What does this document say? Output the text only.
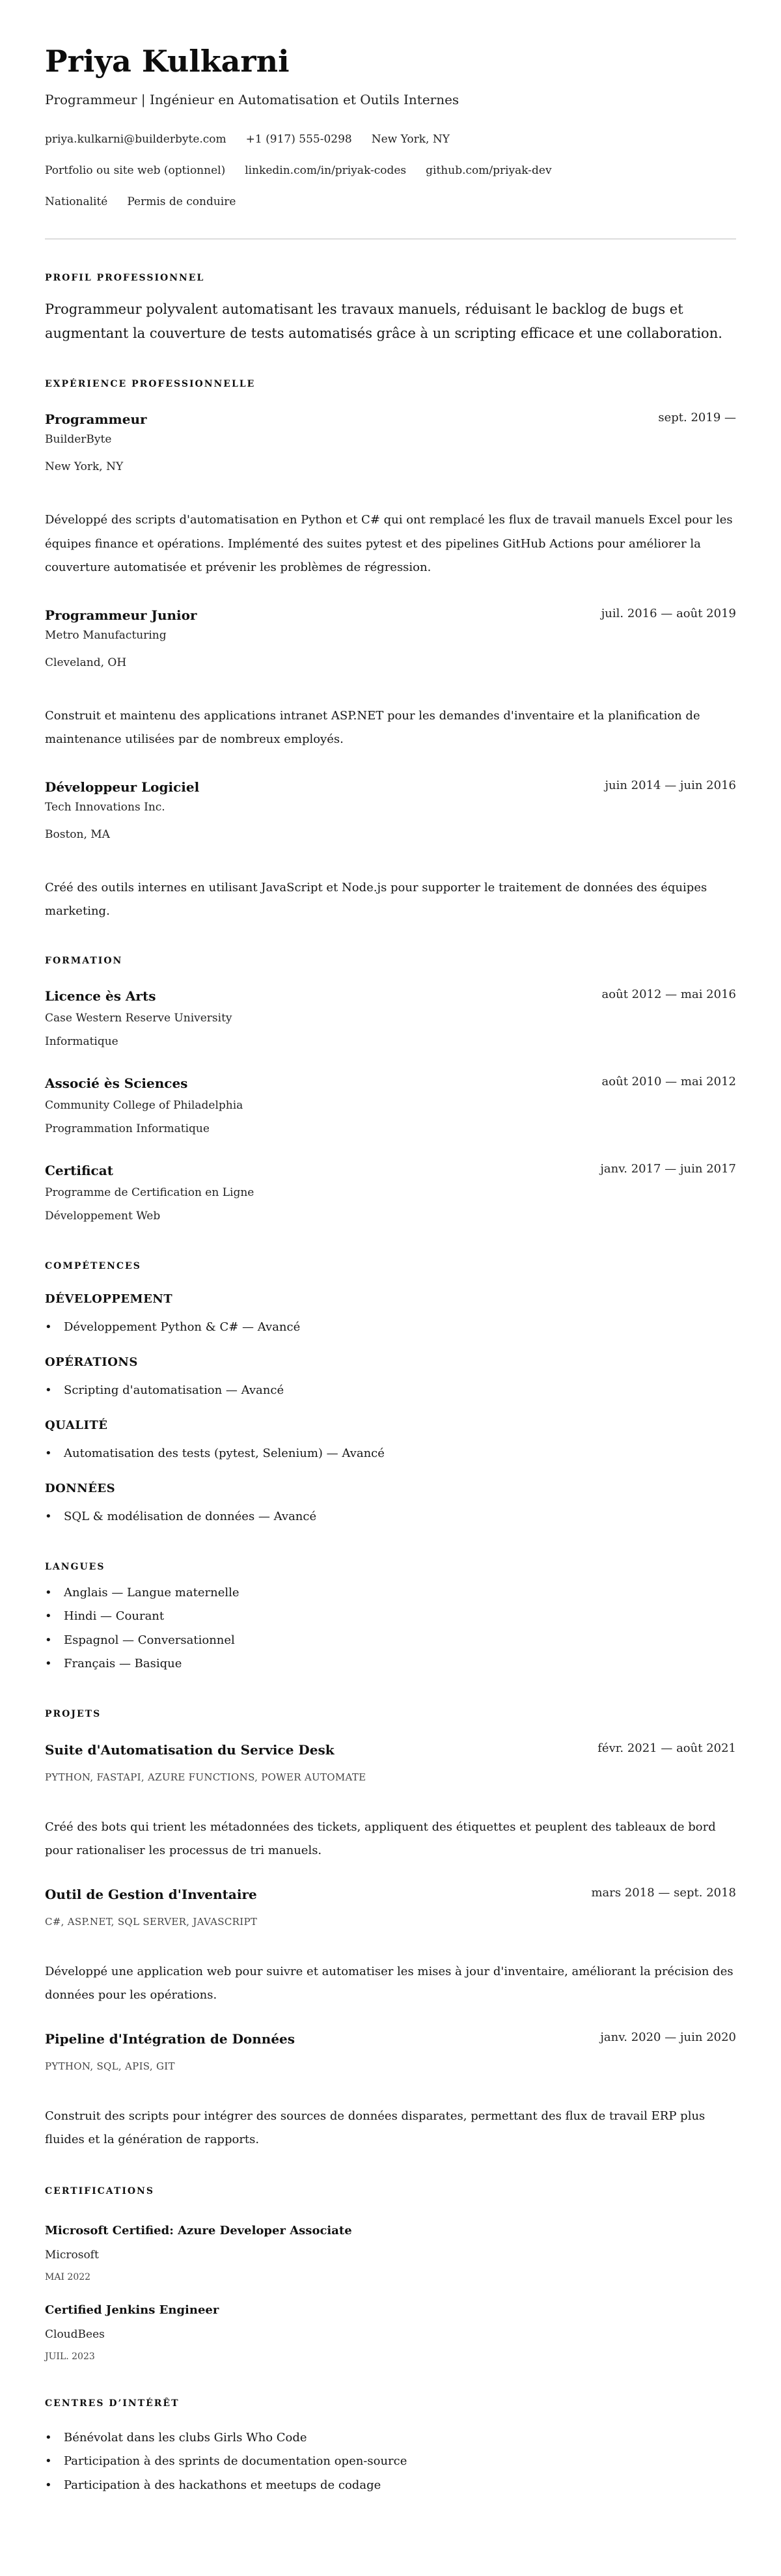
Priya Kulkarni
Programmeur | Ingénieur en Automatisation et Outils Internes
priya.kulkarni@builderbyte.com +1 (917) 555-0298 New York, NY
Portfolio ou site web (optionnel) linkedin.com/in/priyak-codes github.com/priyak-dev
Nationalité Permis de conduire
PROFIL PROFESSIONNEL
Programmeur polyvalent automatisant les travaux manuels, réduisant le backlog de bugs et augmentant la couverture de tests automatisés grâce à un scripting efficace et une collaboration.
EXPÉRIENCE PROFESSIONNELLE
Programmeur	sept. 2019 —
BuilderByte
New York, NY
Développé des scripts d'automatisation en Python et C# qui ont remplacé les flux de travail manuels Excel pour les équipes finance et opérations. Implémenté des suites pytest et des pipelines GitHub Actions pour améliorer la couverture automatisée et prévenir les problèmes de régression.
Programmeur Junior	juil. 2016 — août 2019
Metro Manufacturing
Cleveland, OH
Construit et maintenu des applications intranet ASP.NET pour les demandes d'inventaire et la planification de maintenance utilisées par de nombreux employés.
Développeur Logiciel	juin 2014 — juin 2016
Tech Innovations Inc.
Boston, MA
Créé des outils internes en utilisant JavaScript et Node.js pour supporter le traitement de données des équipes marketing.
FORMATION
Licence ès Arts	août 2012 — mai 2016
Case Western Reserve University
Informatique
Associé ès Sciences	août 2010 — mai 2012
Community College of Philadelphia
Programmation Informatique
Certificat	janv. 2017 — juin 2017
Programme de Certification en Ligne
Développement Web
COMPÉTENCES
DÉVELOPPEMENT
• Développement Python & C# — Avancé
OPÉRATIONS
• Scripting d'automatisation — Avancé
QUALITÉ
• Automatisation des tests (pytest, Selenium) — Avancé
DONNÉES
• SQL & modélisation de données — Avancé
LANGUES
• Anglais — Langue maternelle
• Hindi — Courant
• Espagnol — Conversationnel
• Français — Basique
PROJETS
Suite d'Automatisation du Service Desk	févr. 2021 — août 2021
PYTHON, FASTAPI, AZURE FUNCTIONS, POWER AUTOMATE
Créé des bots qui trient les métadonnées des tickets, appliquent des étiquettes et peuplent des tableaux de bord pour rationaliser les processus de tri manuels.
Outil de Gestion d'Inventaire	mars 2018 — sept. 2018
C#, ASP.NET, SQL SERVER, JAVASCRIPT
Développé une application web pour suivre et automatiser les mises à jour d'inventaire, améliorant la précision des données pour les opérations.
Pipeline d'Intégration de Données	janv. 2020 — juin 2020
PYTHON, SQL, APIS, GIT
Construit des scripts pour intégrer des sources de données disparates, permettant des flux de travail ERP plus fluides et la génération de rapports.
CERTIFICATIONS
Microsoft Certified: Azure Developer Associate
Microsoft
MAI 2022
Certified Jenkins Engineer
CloudBees
JUIL. 2023
CENTRES D’INTÉRÊT
• Bénévolat dans les clubs Girls Who Code
• Participation à des sprints de documentation open-source
• Participation à des hackathons et meetups de codage
